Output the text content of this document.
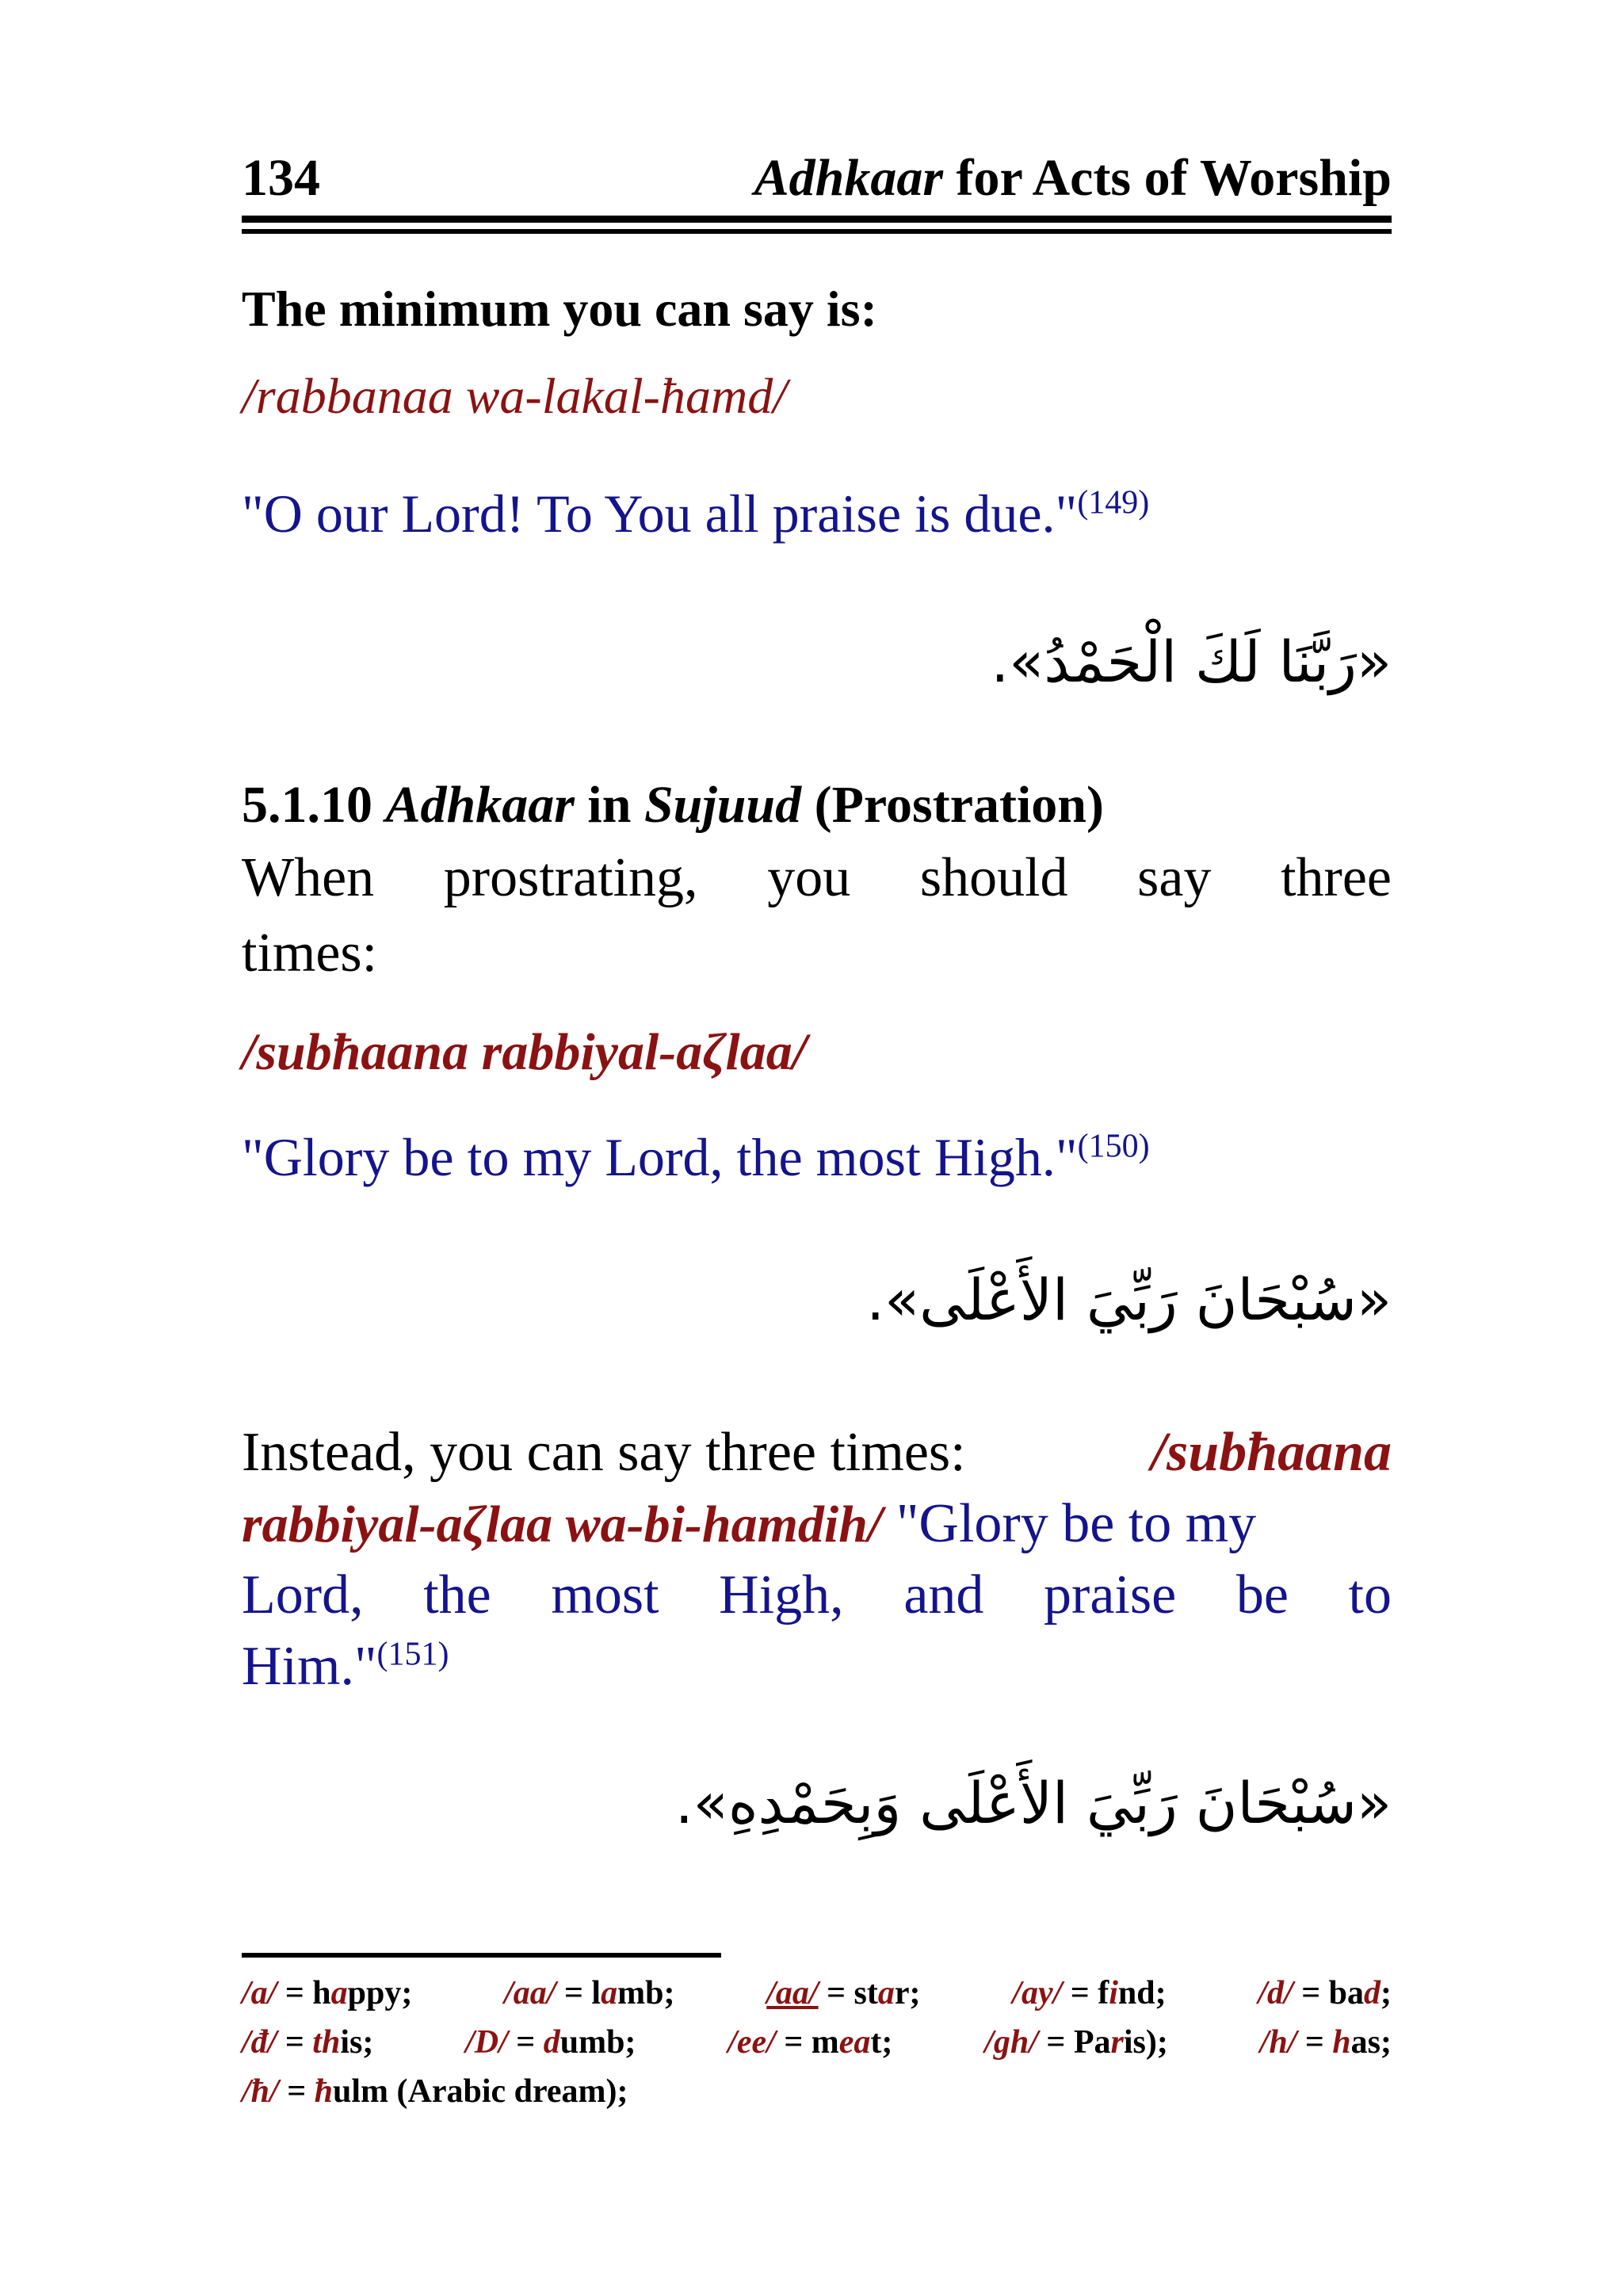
134	Adhkaar for Acts of Worship
The minimum you can say is:
/rabbanaa wa-lakal-ħamd/
"O our Lord! To You all praise is due."$^{(149)}$
«رَبَّنَا لَكَ الْحَمْدُ».
5.1.10 Adhkaar in Sujuud (Prostration)
When prostrating, you should say three
times:
/subħaana rabbiyal-aζlaa/
"Glory be to my Lord, the most High."$^{(150)}$
«سُبْحَانَ رَبِّيَ الأَعْلَى».
Instead, you can say three times:	/subħaana
rabbiyal-aζlaa wa-bi-hamdih/ "Glory be to my
Lord, the most High, and praise be to
Him."$^{(151)}$
«سُبْحَانَ رَبِّيَ الأَعْلَى وَبِحَمْدِهِ».
/a/ = happy;	/aa/ = lamb;	/aa/ = star;	/ay/ = find;	/d/ = bad;
/đ/ = this;	/D/ = dumb;	/ee/ = meat;	/gh/ = Paris);	/h/ = has;
/ħ/ = ħulm (Arabic dream);
